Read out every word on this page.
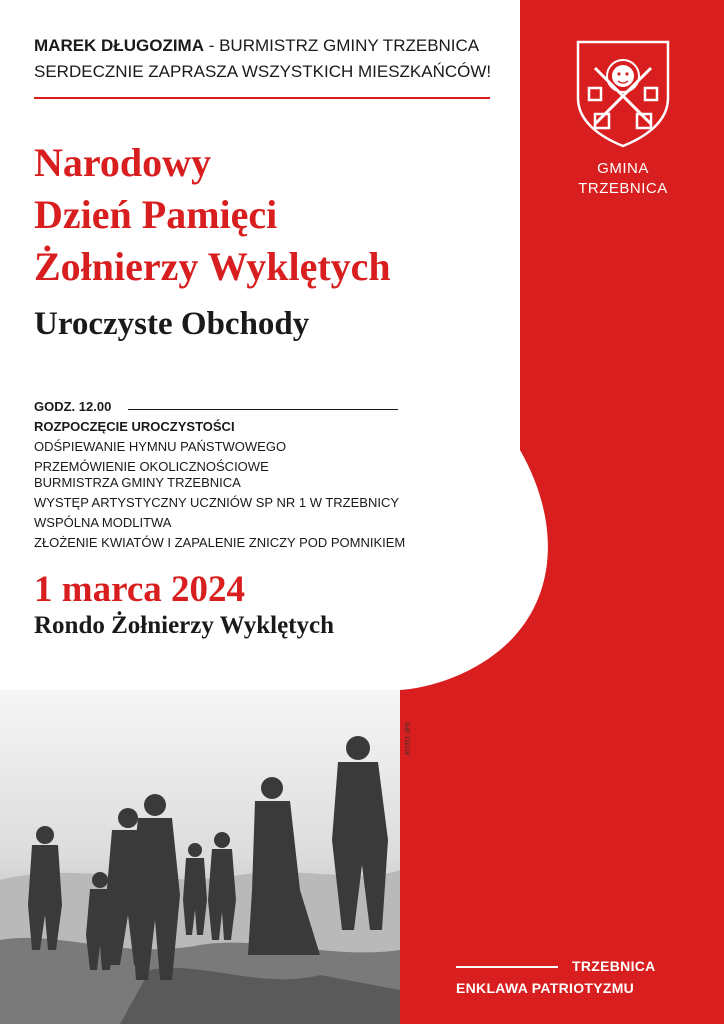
MAREK DŁUGOZIMA - BURMISTRZ GMINY TRZEBNICA
SERDECZNIE ZAPRASZA WSZYSTKICH MIESZKAŃCÓW!
Narodowy
Dzień Pamięci
Żołnierzy Wyklętych
Uroczyste Obchody
GODZ. 12.00
ROZPOCZĘCIE UROCZYSTOŚCI
ODŚPIEWANIE HYMNU PAŃSTWOWEGO
PRZEMÓWIENIE OKOLICZNOŚCIOWE
BURMISTRZA GMINY TRZEBNICA
WYSTĘP ARTYSTYCZNY UCZNIÓW SP NR 1 W TRZEBNICY
WSPÓLNA MODLITWA
ZŁOŻENIE KWIATÓW I ZAPALENIE ZNICZY POD POMNIKIEM
1 marca 2024
Rondo Żołnierzy Wyklętych
FOTO: IPN
GMINA
TRZEBNICA
TRZEBNICA
ENKLAWA PATRIOTYZMU
